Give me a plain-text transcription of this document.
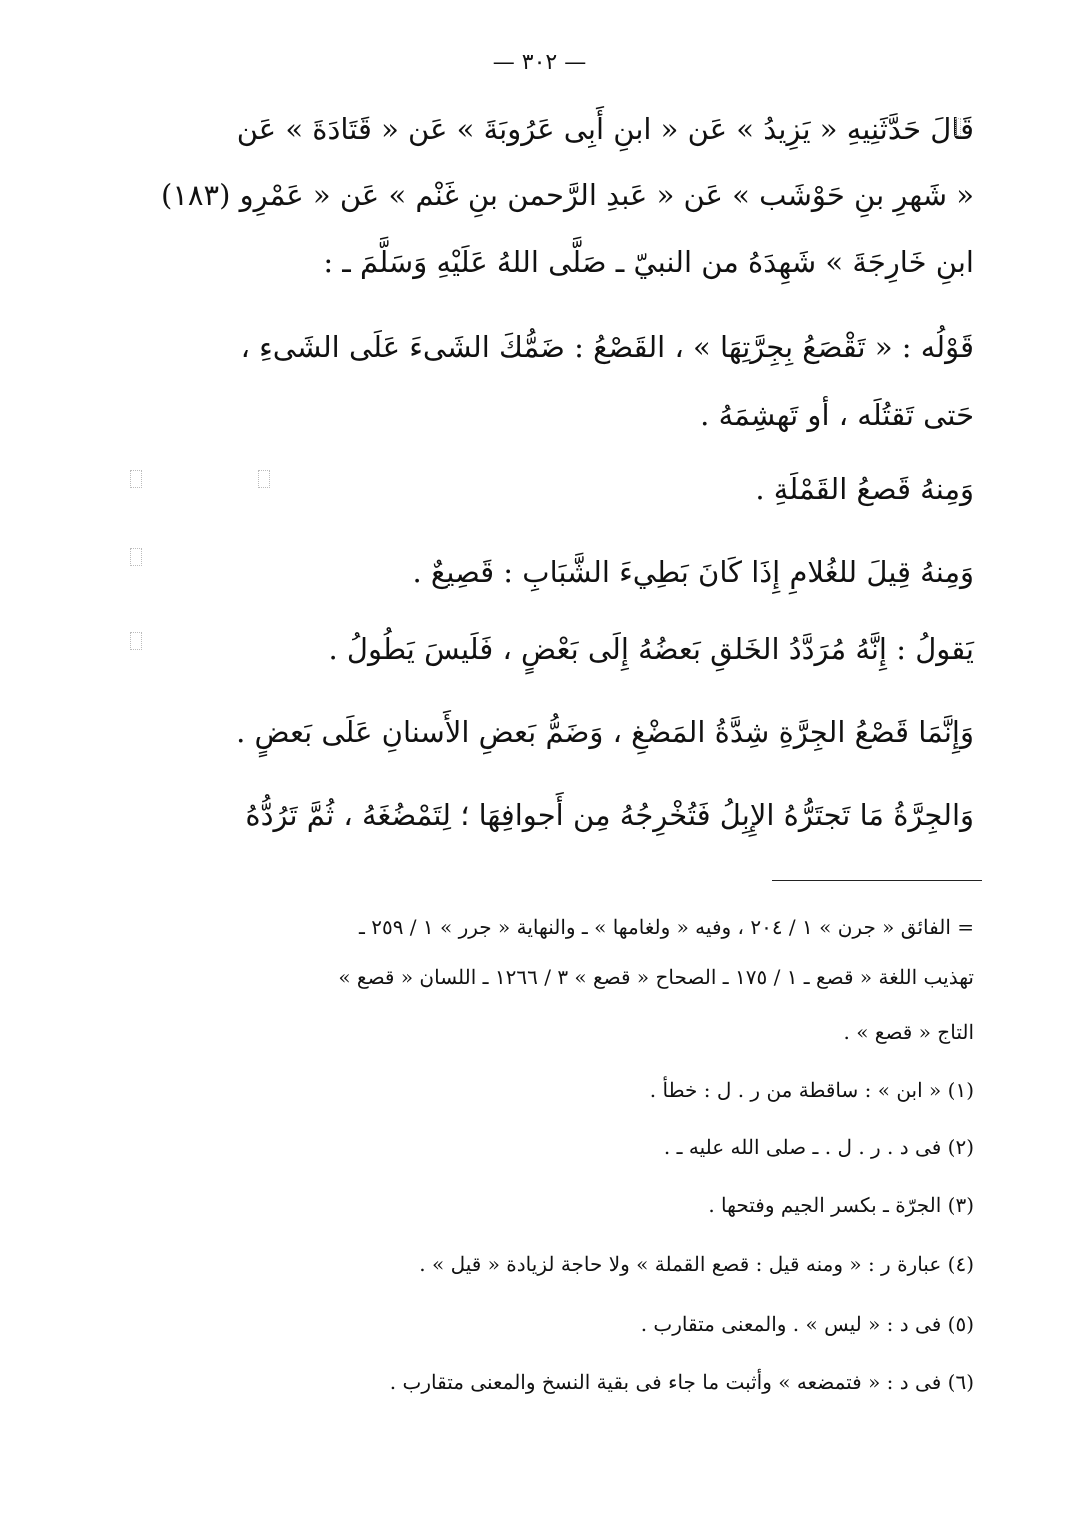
— ٣٠٢ —
قَالَ حَدَّثَنِيهِ « يَزِيدُ » عَن « ابنِ أَبِى عَرُوبَةَ » عَن « قَتَادَةَ » عَن
« شَهرِ بنِ حَوْشَب » عَن « عَبدِ الرَّحمن بنِ غَنْم » عَن « عَمْرِو (١٨٣)
ابنِ خَارِجَةَ » شَهِدَهُ من النبيّ ـ صَلَّى اللهُ عَلَيْهِ وَسَلَّمَ ـ :
قَوْلُه : « تَقْصَعُ بِجِرَّتِهَا » ، القَصْعُ : ضَمُّكَ الشَىءَ عَلَى الشَىءِ ،
حَتى تَقتُلَه ، أو تَهشِمَهُ .
وَمِنهُ قَصعُ القَمْلَةِ .
وَمِنهُ قِيلَ للغُلامِ إِذَا كَانَ بَطِيءَ الشَّبَابِ : قَصِيعٌ .
يَقولُ : إِنَّهُ مُرَدَّدُ الخَلقِ بَعضُهُ إِلَى بَعْضٍ ، فَلَيسَ يَطُولُ .
وَإِنَّمَا قَصْعُ الجِرَّةِ شِدَّةُ المَضْغِ ، وَضَمُّ بَعضِ الأَسنانِ عَلَى بَعضٍ .
وَالجِرَّةُ مَا تَجتَرُّهُ الإِبِلُ فَتُخْرِجُهُ مِن أَجوافِهَا ؛ لِتَمْضُغَهُ ، ثُمَّ تَرُدُّهُ
= الفائق « جرن » ١ / ٢٠٤ ، وفيه « ولغامها » ـ والنهاية « جرر » ١ / ٢٥٩ ـ
تهذيب اللغة « قصع ـ ١ / ١٧٥ ـ الصحاح « قصع » ٣ / ١٢٦٦ ـ اللسان « قصع »
التاج « قصع » .
(١) « ابن » : ساقطة من ر . ل : خطأ .
(٢) فى د . ر . ل . ـ صلى الله عليه ـ .
(٣) الجرّة ـ بكسر الجيم وفتحها .
(٤) عبارة ر : « ومنه قيل : قصع القملة » ولا حاجة لزيادة « قيل » .
(٥) فى د : « ليس » . والمعنى متقارب .
(٦) فى د : « فتمضعه » وأثبت ما جاء فى بقية النسخ والمعنى متقارب .
